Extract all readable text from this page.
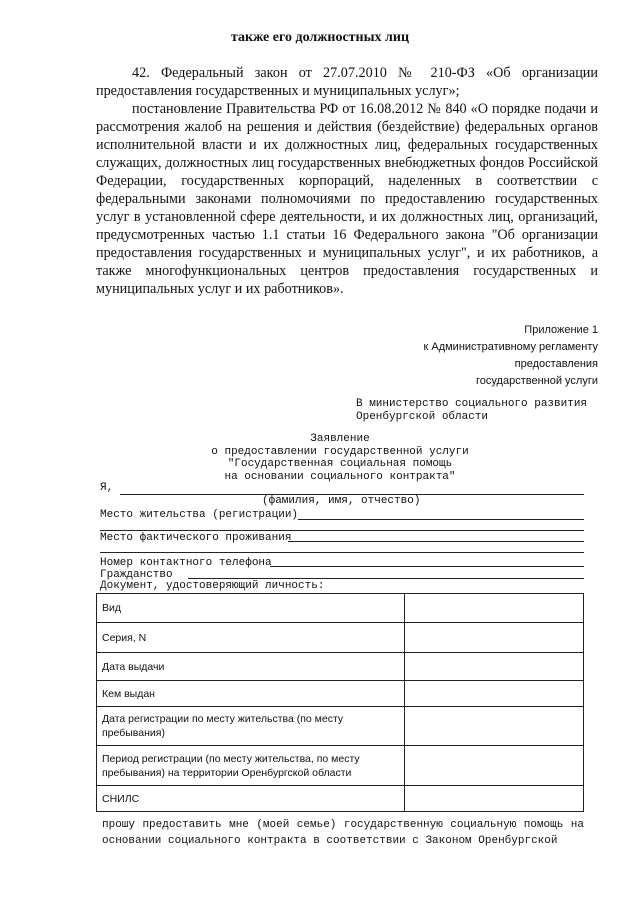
также его должностных лиц

42. Федеральный закон от 27.07.2010 № 210-ФЗ «Об организации предоставления государственных и муниципальных услуг»;

постановление Правительства РФ от 16.08.2012 № 840 «О порядке подачи и рассмотрения жалоб на решения и действия (бездействие) федеральных органов исполнительной власти и их должностных лиц, федеральных государственных служащих, должностных лиц государственных внебюджетных фондов Российской Федерации, государственных корпораций, наделенных в соответствии с федеральными законами полномочиями по предоставлению государственных услуг в установленной сфере деятельности, и их должностных лиц, организаций, предусмотренных частью 1.1 статьи 16 Федерального закона "Об организации предоставления государственных и муниципальных услуг", и их работников, а также многофункциональных центров предоставления государственных и муниципальных услуг и их работников».

Приложение 1
к Административному регламенту
предоставления
государственной услуги
В министерство социального развития
Оренбургской области
Заявление
о предоставлении государственной услуги
"Государственная социальная помощь
на основании социального контракта"
Я,
(фамилия, имя, отчество)
Место жительства (регистрации)
Место фактического проживания
Номер контактного телефона
Гражданство
Документ, удостоверяющий личность:
Вид	
Серия, N	
Дата выдачи	
Кем выдан	
Дата регистрации по месту жительства (по месту пребывания)	
Период регистрации (по месту жительства, по месту пребывания) на территории Оренбургской области	
СНИЛС	
прошу предоставить мне (моей семье) государственную социальную помощь на основании социального контракта в соответствии с Законом Оренбургской
